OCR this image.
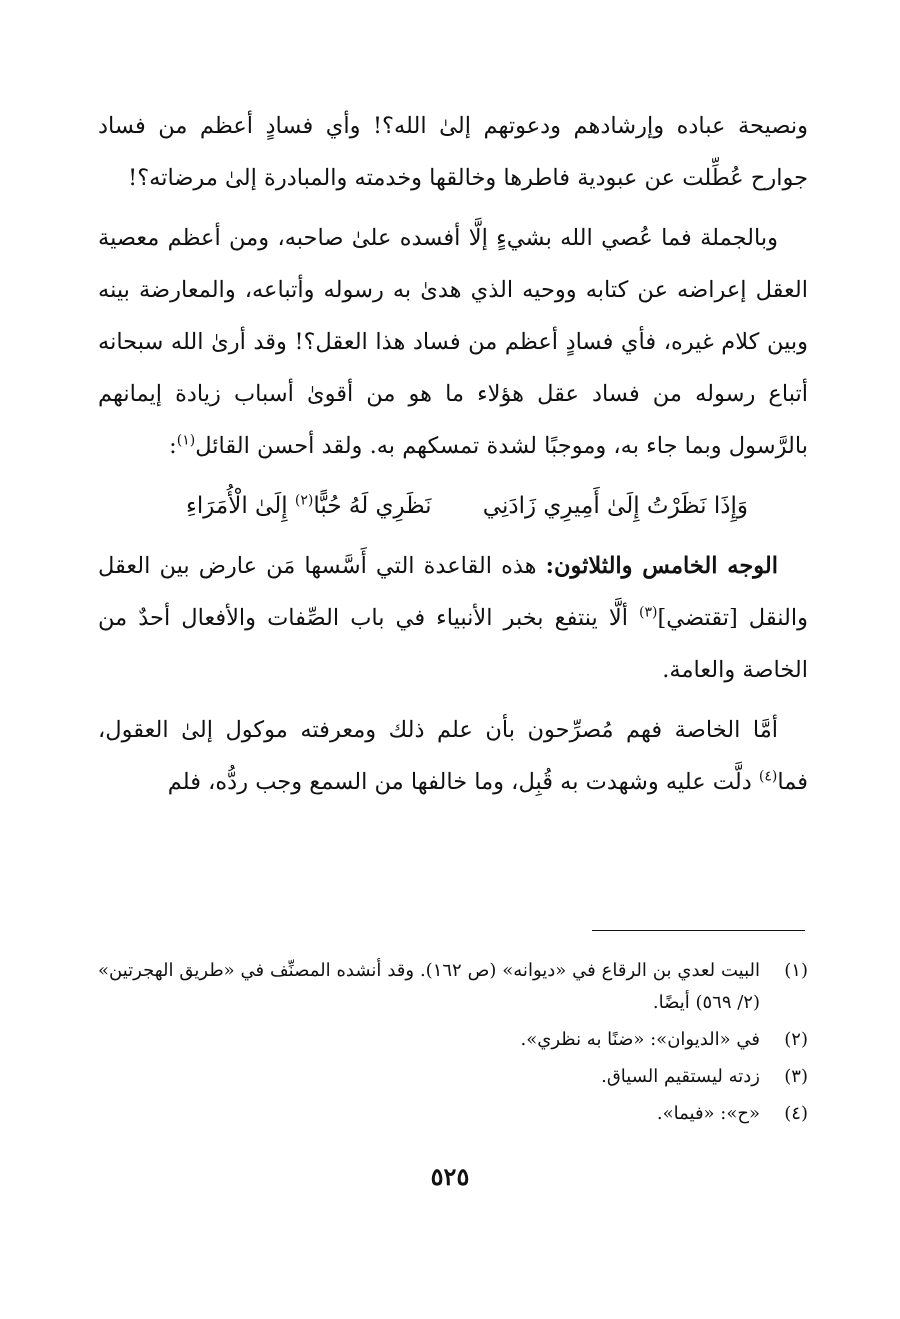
ونصيحة عباده وإرشادهم ودعوتهم إلىٰ الله؟! وأي فسادٍ أعظم من فساد جوارح عُطِّلت عن عبودية فاطرها وخالقها وخدمته والمبادرة إلىٰ مرضاته؟!

وبالجملة فما عُصي الله بشيءٍ إلَّا أفسده علىٰ صاحبه، ومن أعظم معصية العقل إعراضه عن كتابه ووحيه الذي هدىٰ به رسوله وأتباعه، والمعارضة بينه وبين كلام غيره، فأي فسادٍ أعظم من فساد هذا العقل؟! وقد أرىٰ الله سبحانه أتباع رسوله من فساد عقل هؤلاء ما هو من أقوىٰ أسباب زيادة إيمانهم بالرَّسول وبما جاء به، وموجبًا لشدة تمسكهم به. ولقد أحسن القائل$^{(١)}$:

وَإِذَا نَظَرْتُ إِلَىٰ أَمِيرِي زَادَنِي
نَظَرِي لَهُ حُبًّا$^{(٢)}$ إِلَىٰ الْأُمَرَاءِ

الوجه الخامس والثلاثون: هذه القاعدة التي أَسَّسها مَن عارض بين العقل والنقل [تقتضي]$^{(٣)}$ ألَّا ينتفع بخبر الأنبياء في باب الصِّفات والأفعال أحدٌ من الخاصة والعامة.

أمَّا الخاصة فهم مُصرِّحون بأن علم ذلك ومعرفته موكول إلىٰ العقول، فما$^{(٤)}$ دلَّت عليه وشهدت به قُبِل، وما خالفها من السمع وجب ردُّه، فلم

(١)
البيت لعدي بن الرقاع في «ديوانه» (ص ١٦٢). وقد أنشده المصنِّف في «طريق الهجرتين» (٢/ ٥٦٩) أيضًا.
(٢)
في «الديوان»: «ضنًا به نظري».
(٣)
زدته ليستقيم السياق.
(٤)
«ح»: «فيما».
٥٢٥
